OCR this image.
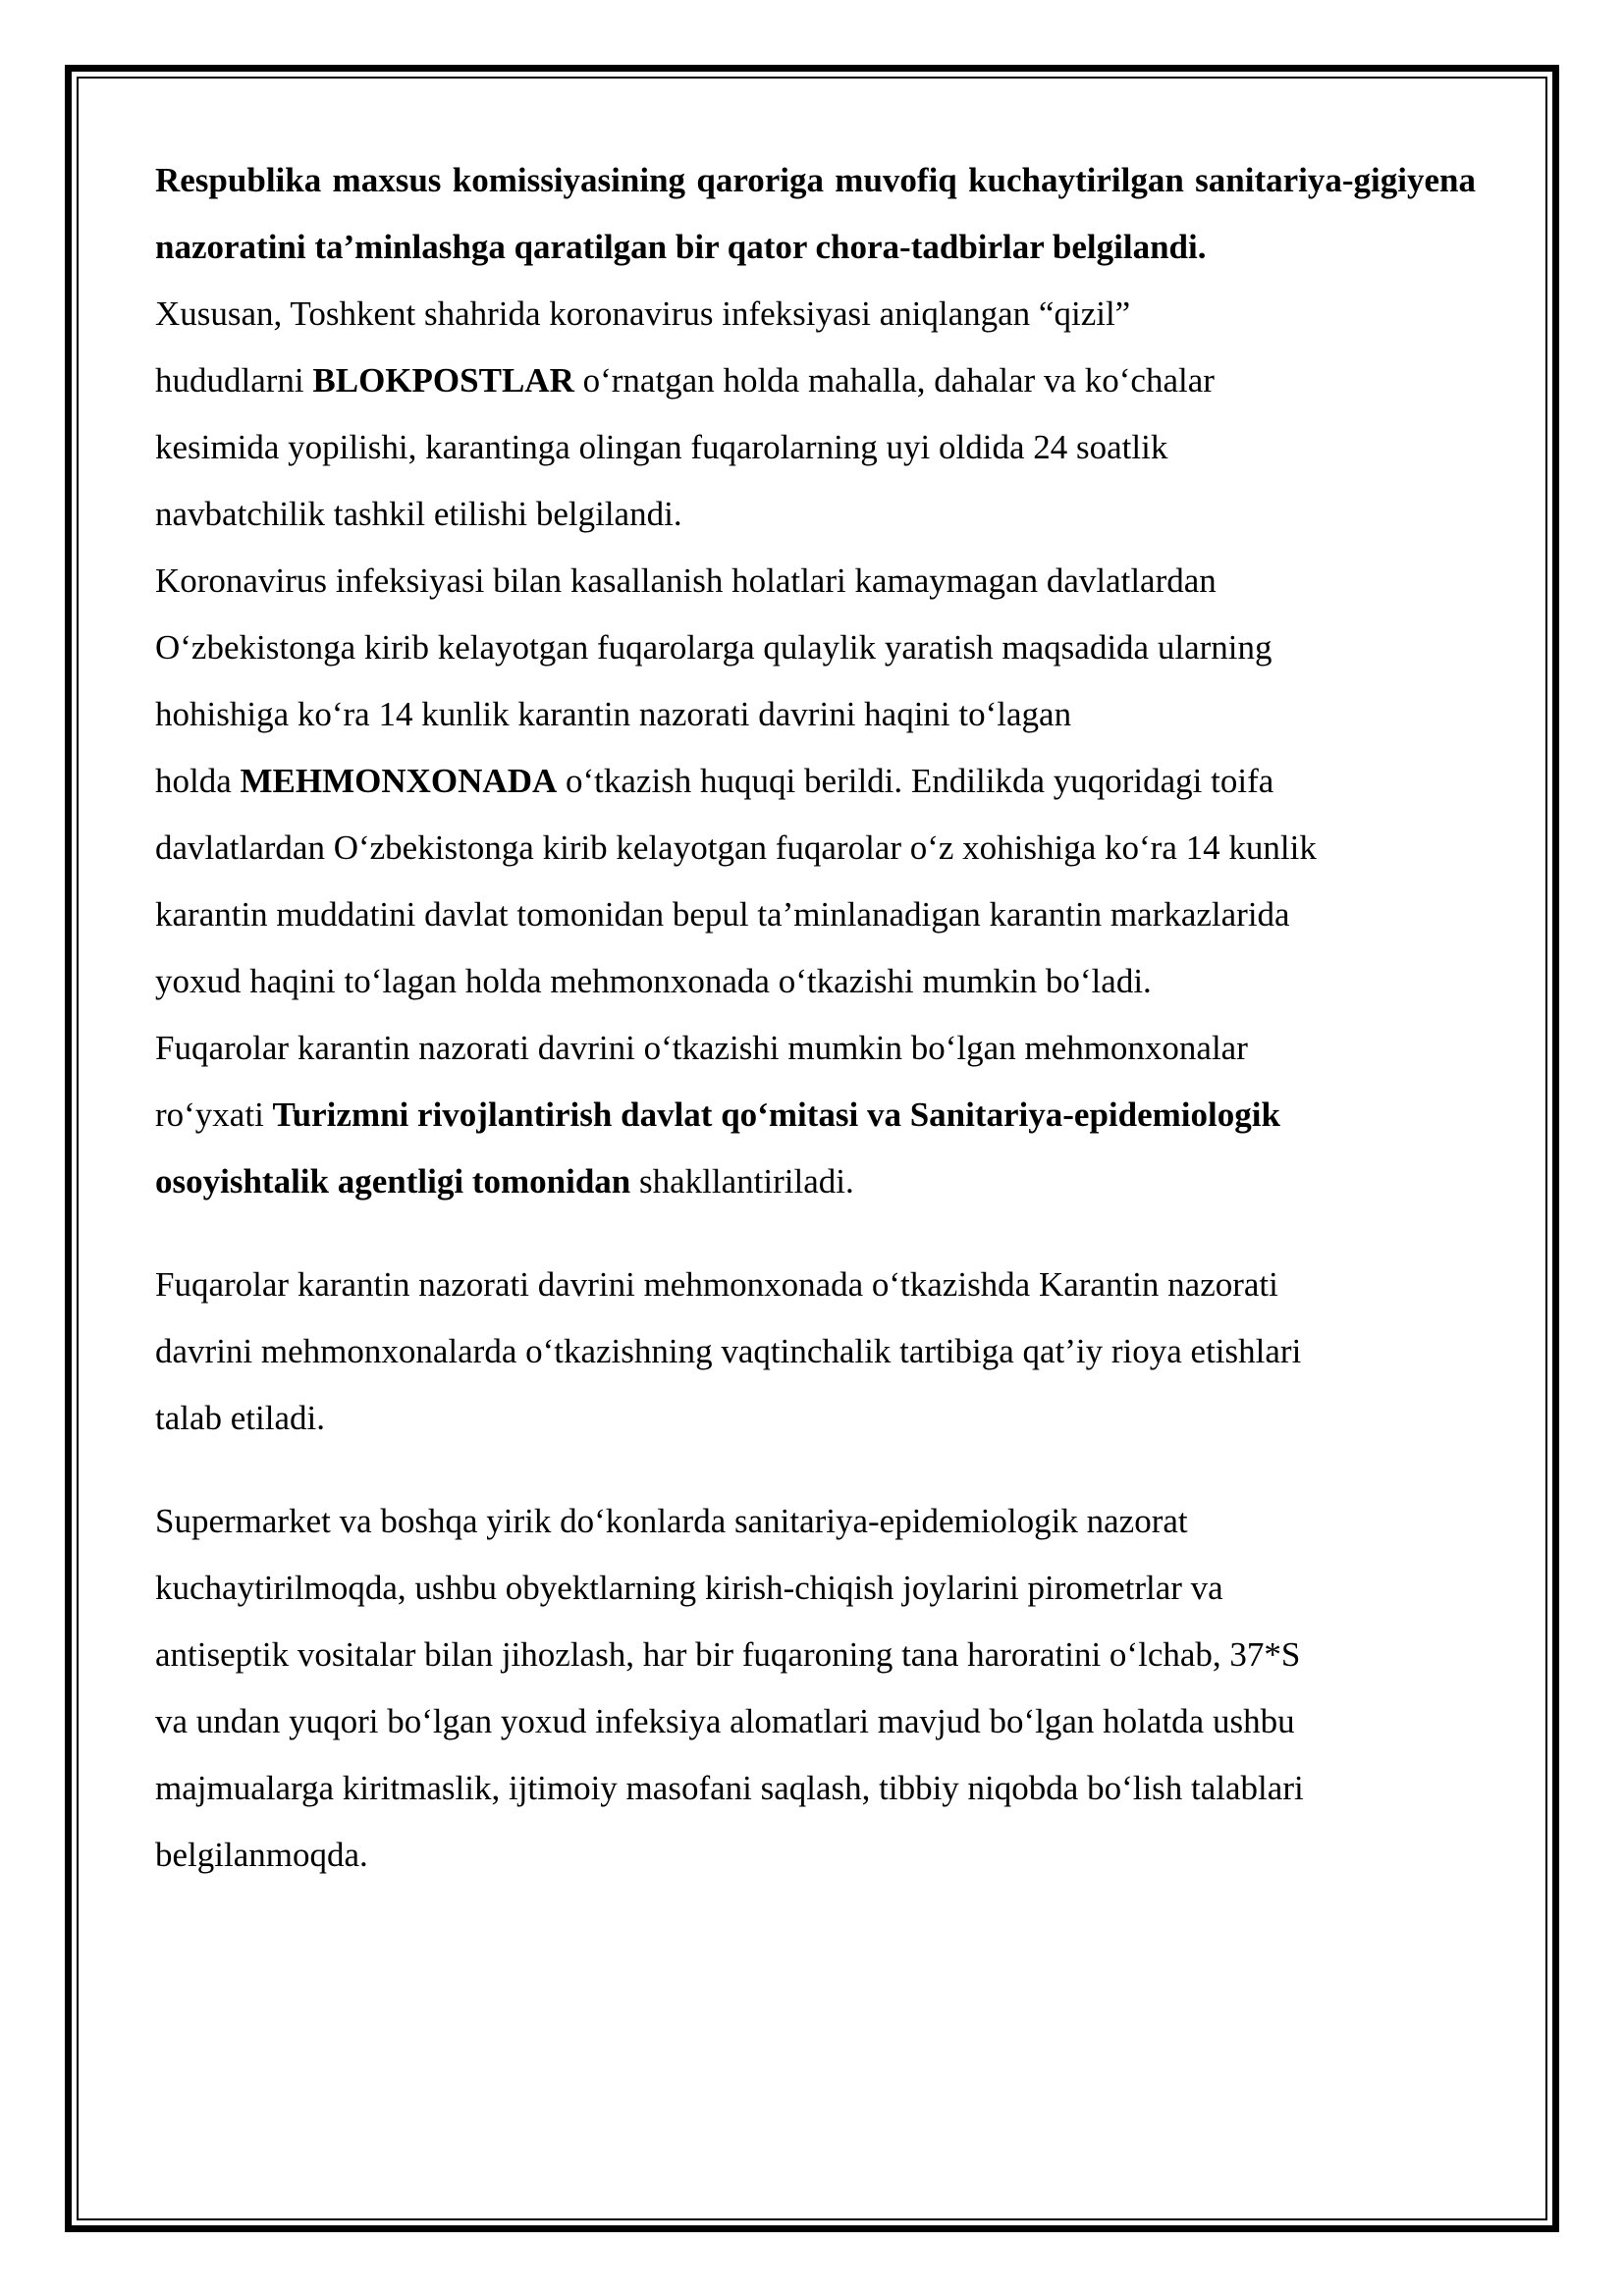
Respublika maxsus komissiyasining qaroriga muvofiq kuchaytirilgan sanitariya-gigiyena nazoratini ta’minlashga qaratilgan bir qator chora-tadbirlar belgilandi.

Xususan, Toshkent shahrida koronavirus infeksiyasi aniqlangan “qizil”

hududlarni BLOKPOSTLAR oʻrnatgan holda mahalla, dahalar va koʻchalar

kesimida yopilishi, karantinga olingan fuqarolarning uyi oldida 24 soatlik

navbatchilik tashkil etilishi belgilandi.

Koronavirus infeksiyasi bilan kasallanish holatlari kamaymagan davlatlardan

Oʻzbekistonga kirib kelayotgan fuqarolarga qulaylik yaratish maqsadida ularning

hohishiga koʻra 14 kunlik karantin nazorati davrini haqini toʻlagan

holda MEHMONXONADA oʻtkazish huquqi berildi. Endilikda yuqoridagi toifa

davlatlardan Oʻzbekistonga kirib kelayotgan fuqarolar oʻz xohishiga koʻra 14 kunlik

karantin muddatini davlat tomonidan bepul ta’minlanadigan karantin markazlarida

yoxud haqini toʻlagan holda mehmonxonada oʻtkazishi mumkin boʻladi.

Fuqarolar karantin nazorati davrini oʻtkazishi mumkin boʻlgan mehmonxonalar

roʻyxati Turizmni rivojlantirish davlat qoʻmitasi va Sanitariya-epidemiologik

osoyishtalik agentligi tomonidan shakllantiriladi.

Fuqarolar karantin nazorati davrini mehmonxonada oʻtkazishda Karantin nazorati

davrini mehmonxonalarda oʻtkazishning vaqtinchalik tartibiga qat’iy rioya etishlari

talab etiladi.

Supermarket va boshqa yirik doʻkonlarda sanitariya-epidemiologik nazorat

kuchaytirilmoqda, ushbu obyektlarning kirish-chiqish joylarini pirometrlar va

antiseptik vositalar bilan jihozlash, har bir fuqaroning tana haroratini oʻlchab, 37*S

va undan yuqori boʻlgan yoxud infeksiya alomatlari mavjud boʻlgan holatda ushbu

majmualarga kiritmaslik, ijtimoiy masofani saqlash, tibbiy niqobda boʻlish talablari

belgilanmoqda.
